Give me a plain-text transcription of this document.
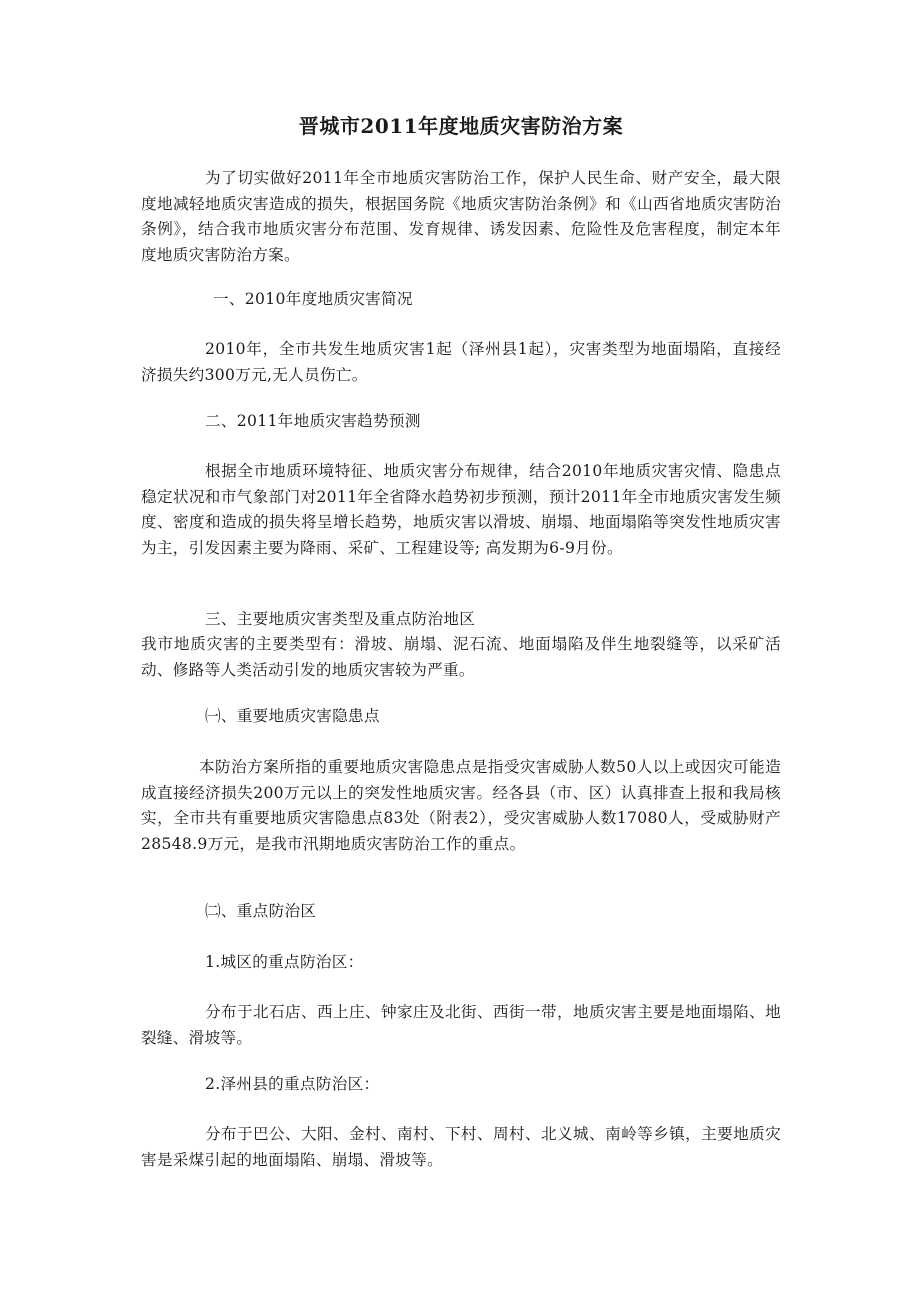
晋城市2011年度地质灾害防治方案
为了切实做好2011年全市地质灾害防治工作，保护人民生命、财产安全，最大限度地减轻地质灾害造成的损失，根据国务院《地质灾害防治条例》和《山西省地质灾害防治条例》，结合我市地质灾害分布范围、发育规律、诱发因素、危险性及危害程度，制定本年度地质灾害防治方案。
一、2010年度地质灾害简况
2010年，全市共发生地质灾害1起（泽州县1起），灾害类型为地面塌陷，直接经济损失约300万元,无人员伤亡。
二、2011年地质灾害趋势预测
根据全市地质环境特征、地质灾害分布规律，结合2010年地质灾害灾情、隐患点稳定状况和市气象部门对2011年全省降水趋势初步预测，预计2011年全市地质灾害发生频度、密度和造成的损失将呈增长趋势，地质灾害以滑坡、崩塌、地面塌陷等突发性地质灾害为主，引发因素主要为降雨、采矿、工程建设等; 高发期为6-9月份。
三、主要地质灾害类型及重点防治地区
我市地质灾害的主要类型有：滑坡、崩塌、泥石流、地面塌陷及伴生地裂缝等，以采矿活动、修路等人类活动引发的地质灾害较为严重。
㈠、重要地质灾害隐患点
本防治方案所指的重要地质灾害隐患点是指受灾害威胁人数50人以上或因灾可能造成直接经济损失200万元以上的突发性地质灾害。经各县（市、区）认真排查上报和我局核实，全市共有重要地质灾害隐患点83处（附表2），受灾害威胁人数17080人，受威胁财产28548.9万元，是我市汛期地质灾害防治工作的重点。
㈡、重点防治区
1.城区的重点防治区：
分布于北石店、西上庄、钟家庄及北街、西街一带，地质灾害主要是地面塌陷、地裂缝、滑坡等。
2.泽州县的重点防治区：
分布于巴公、大阳、金村、南村、下村、周村、北义城、南岭等乡镇，主要地质灾害是采煤引起的地面塌陷、崩塌、滑坡等。
